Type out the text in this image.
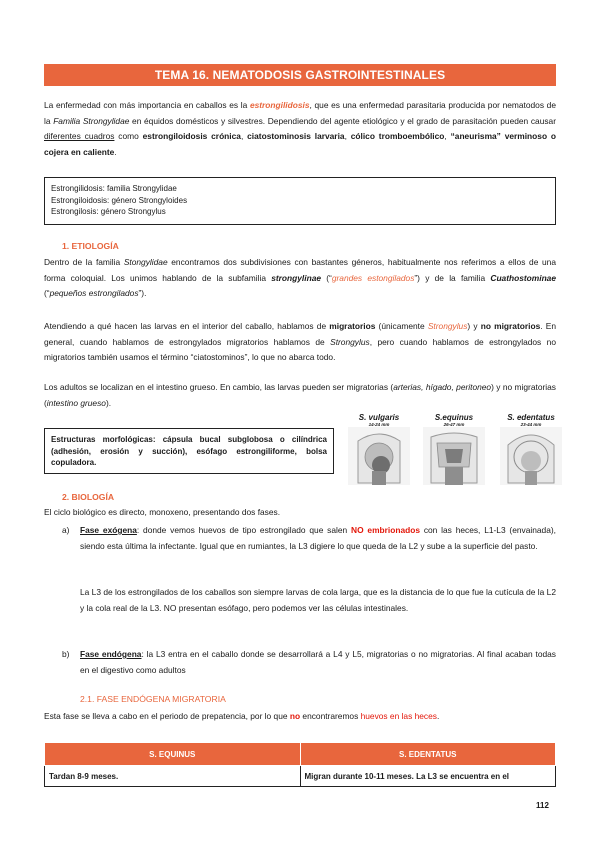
TEMA 16. NEMATODOSIS GASTROINTESTINALES
La enfermedad con más importancia en caballos es la estrongilidosis, que es una enfermedad parasitaria producida por nematodos de la Familia Strongylidae en équidos domésticos y silvestres. Dependiendo del agente etiológico y el grado de parasitación pueden causar diferentes cuadros como estrongiloidosis crónica, ciatostominosis larvaria, cólico tromboembólico, “aneurisma” verminoso o cojera en caliente.
Estrongilidosis: familia Strongylidae
Estrongiloidosis: género Strongyloides
Estrongilosis: género Strongylus
1. ETIOLOGÍA
Dentro de la familia Stongylidae encontramos dos subdivisiones con bastantes géneros, habitualmente nos referimos a ellos de una forma coloquial. Los unimos hablando de la subfamilia strongylinae (“grandes estongilados”) y de la familia Cuathostominae (“pequeños estrongilados”).
Atendiendo a qué hacen las larvas en el interior del caballo, hablamos de migratorios (únicamente Strongylus) y no migratorios. En general, cuando hablamos de estrongylados migratorios hablamos de Strongylus, pero cuando hablamos de estrongylados no migratorios también usamos el término “ciatostominos”, lo que no abarca todo.
Los adultos se localizan en el intestino grueso. En cambio, las larvas pueden ser migratorias (arterias, hígado, peritoneo) y no migratorias (intestino grueso).
Estructuras morfológicas: cápsula bucal subglobosa o cilíndrica (adhesión, erosión y succión), esófago estrongiliforme, bolsa copuladora.
S. vulgaris
14-24 mm
S.equinus
26-47 mm
S. edentatus
23-44 mm
2. BIOLOGÍA
El ciclo biológico es directo, monoxeno, presentando dos fases.
a)	Fase exógena: donde vemos huevos de tipo estrongilado que salen NO embrionados con las heces, L1-L3 (envainada), siendo esta última la infectante. Igual que en rumiantes, la L3 digiere lo que queda de la L2 y sube a la superficie del pasto.
La L3 de los estrongilados de los caballos son siempre larvas de cola larga, que es la distancia de lo que fue la cutícula de la L2 y la cola real de la L3. NO presentan esófago, pero podemos ver las células intestinales.
b)	Fase endógena: la L3 entra en el caballo donde se desarrollará a L4 y L5, migratorias o no migratorias. Al final acaban todas en el digestivo como adultos
2.1. FASE ENDÓGENA MIGRATORIA
Esta fase se lleva a cabo en el periodo de prepatencia, por lo que no encontraremos huevos en las heces.
S. EQUINUS	S. EDENTATUS
Tardan 8-9 meses.	Migran durante 10-11 meses. La L3 se encuentra en el
112
